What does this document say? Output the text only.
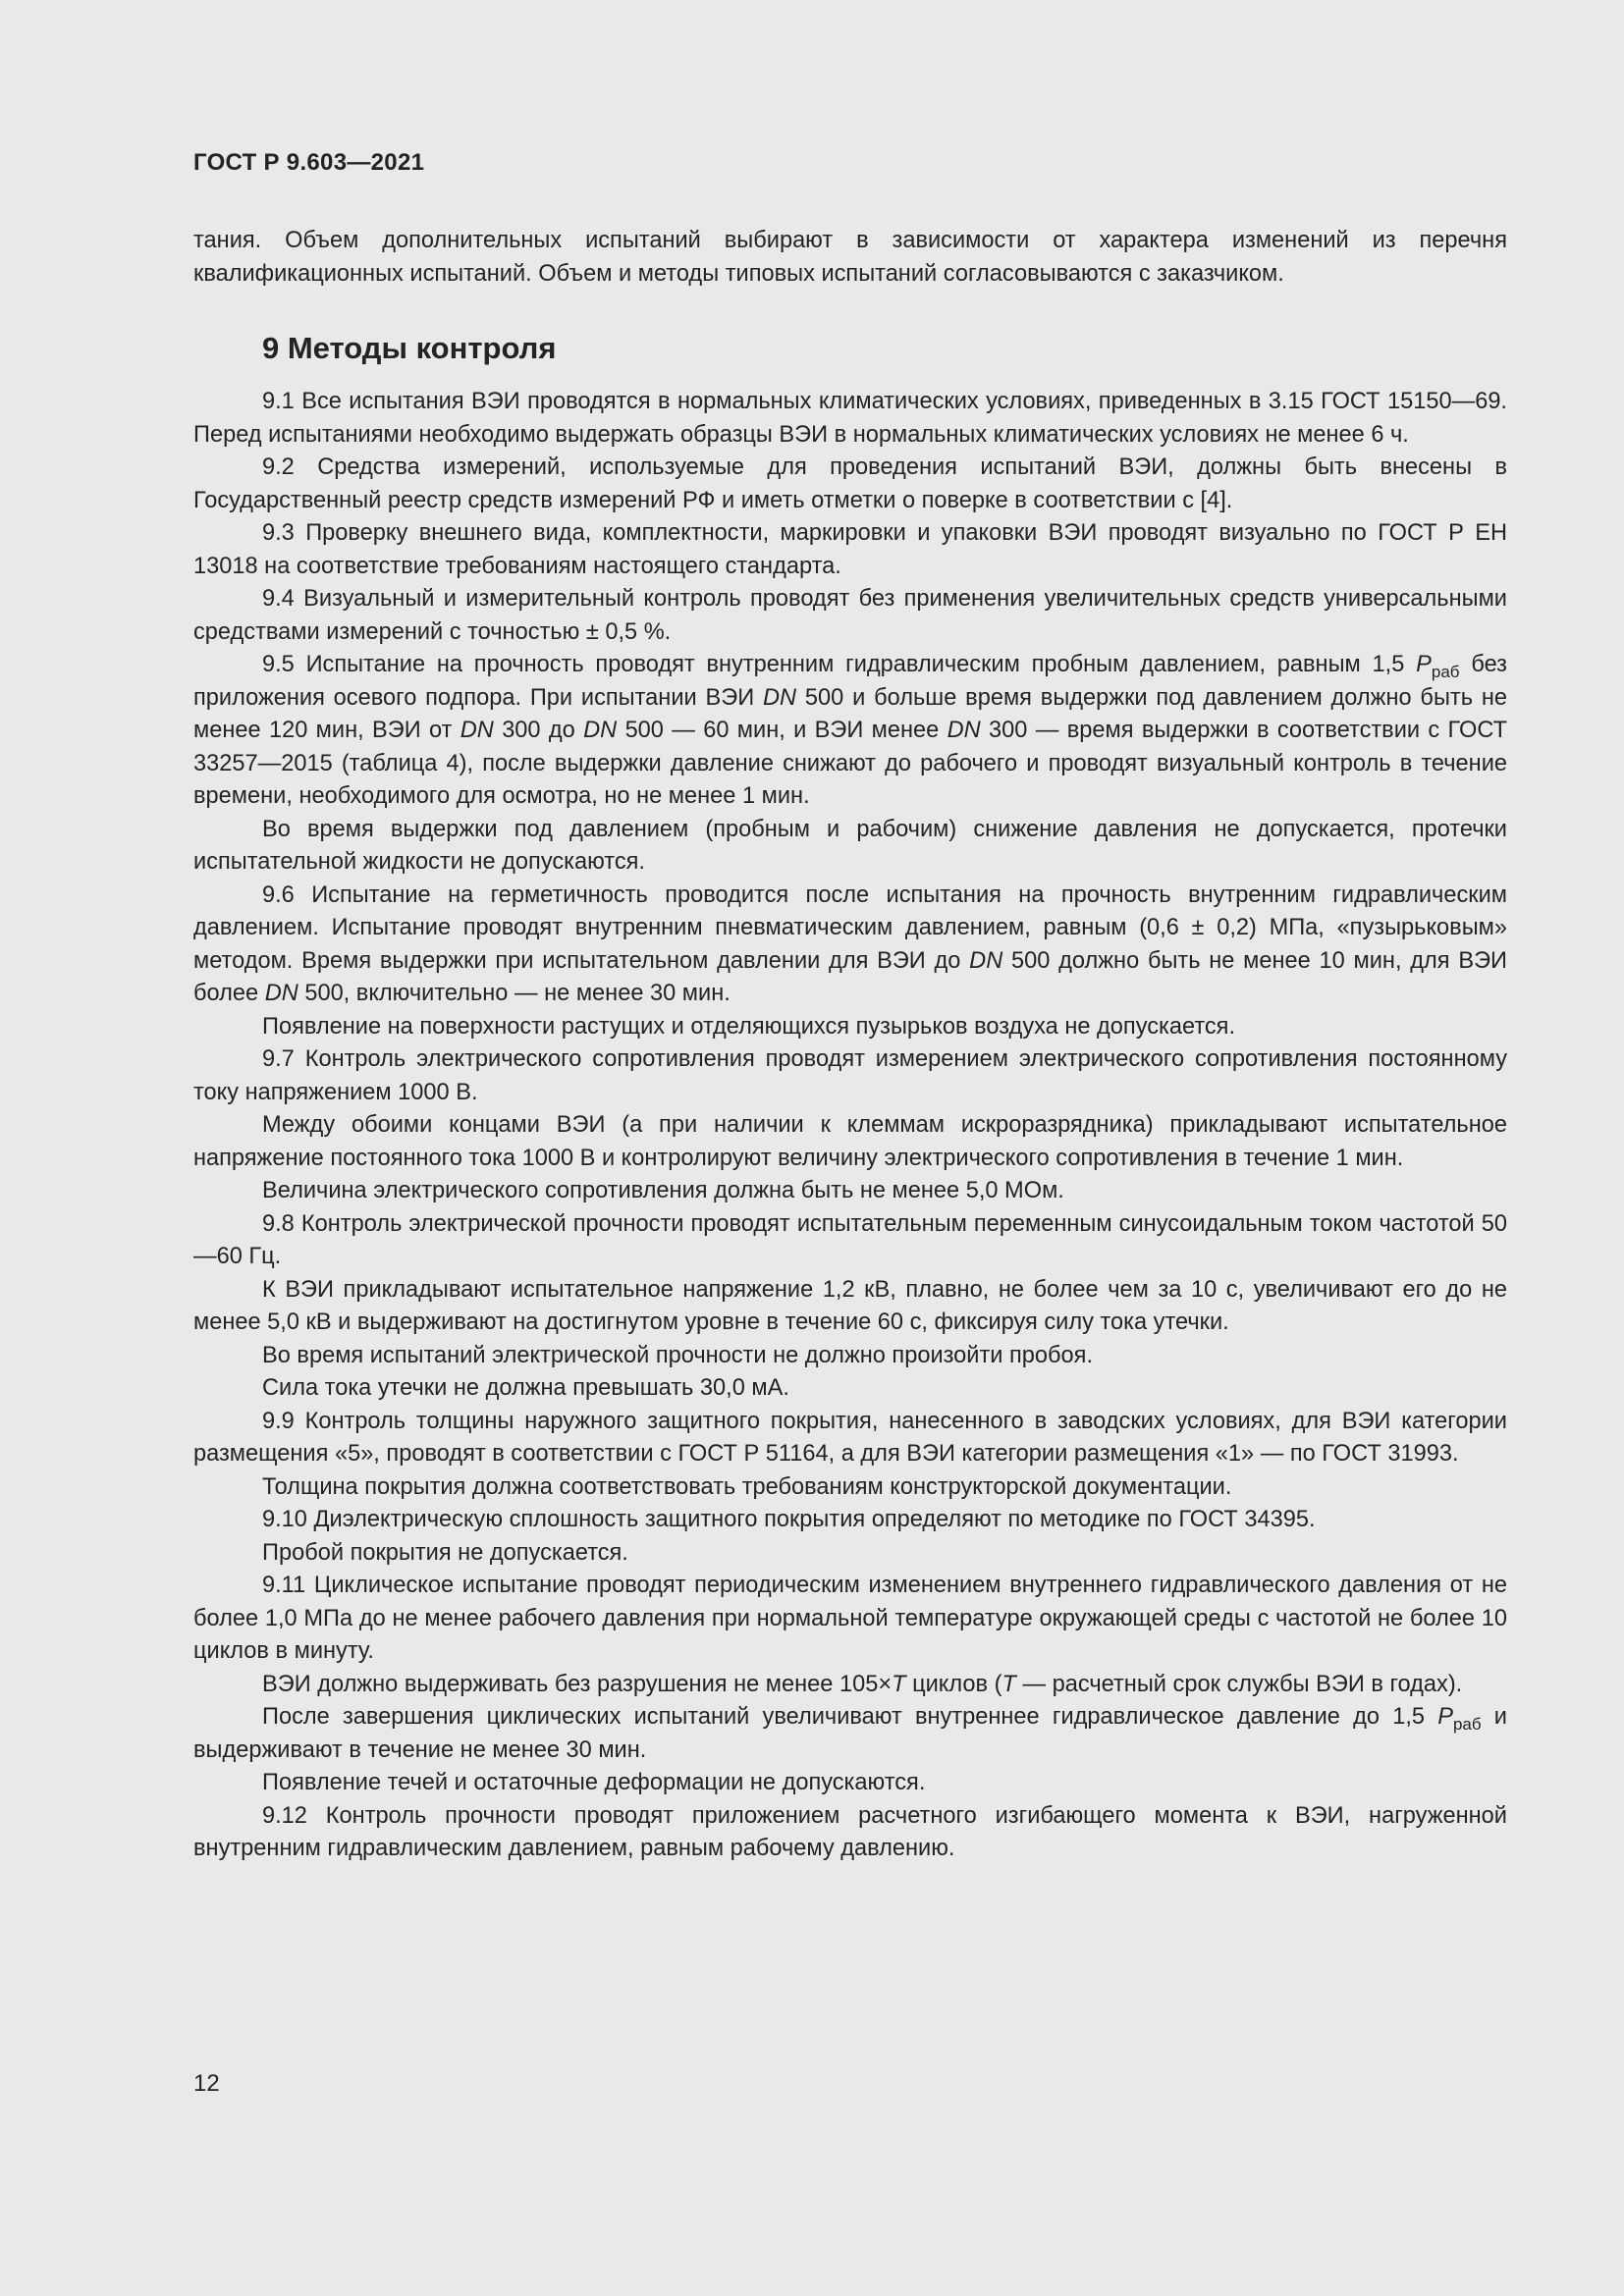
ГОСТ Р 9.603—2021

тания. Объем дополнительных испытаний выбирают в зависимости от характера изменений из перечня квалификационных испытаний. Объем и методы типовых испытаний согласовываются с заказчиком.

9 Методы контроля

9.1 Все испытания ВЭИ проводятся в нормальных климатических условиях, приведенных в 3.15 ГОСТ 15150—69. Перед испытаниями необходимо выдержать образцы ВЭИ в нормальных климатических условиях не менее 6 ч.

9.2 Средства измерений, используемые для проведения испытаний ВЭИ, должны быть внесены в Государственный реестр средств измерений РФ и иметь отметки о поверке в соответствии с [4].

9.3 Проверку внешнего вида, комплектности, маркировки и упаковки ВЭИ проводят визуально по ГОСТ Р ЕН 13018 на соответствие требованиям настоящего стандарта.

9.4 Визуальный и измерительный контроль проводят без применения увеличительных средств универсальными средствами измерений с точностью ± 0,5 %.

9.5 Испытание на прочность проводят внутренним гидравлическим пробным давлением, равным 1,5 $P_{раб}$ без приложения осевого подпора. При испытании ВЭИ DN 500 и больше время выдержки под давлением должно быть не менее 120 мин, ВЭИ от DN 300 до DN 500 — 60 мин, и ВЭИ менее DN 300 — время выдержки в соответствии с ГОСТ 33257—2015 (таблица 4), после выдержки давление снижают до рабочего и проводят визуальный контроль в течение времени, необходимого для осмотра, но не менее 1 мин.

Во время выдержки под давлением (пробным и рабочим) снижение давления не допускается, протечки испытательной жидкости не допускаются.

9.6 Испытание на герметичность проводится после испытания на прочность внутренним гидравлическим давлением. Испытание проводят внутренним пневматическим давлением, равным (0,6 ± 0,2) МПа, «пузырьковым» методом. Время выдержки при испытательном давлении для ВЭИ до DN 500 должно быть не менее 10 мин, для ВЭИ более DN 500, включительно — не менее 30 мин.

Появление на поверхности растущих и отделяющихся пузырьков воздуха не допускается.

9.7 Контроль электрического сопротивления проводят измерением электрического сопротивления постоянному току напряжением 1000 В.

Между обоими концами ВЭИ (а при наличии к клеммам искроразрядника) прикладывают испытательное напряжение постоянного тока 1000 В и контролируют величину электрического сопротивления в течение 1 мин.

Величина электрического сопротивления должна быть не менее 5,0 МОм.

9.8 Контроль электрической прочности проводят испытательным переменным синусоидальным током частотой 50—60 Гц.

К ВЭИ прикладывают испытательное напряжение 1,2 кВ, плавно, не более чем за 10 с, увеличивают его до не менее 5,0 кВ и выдерживают на достигнутом уровне в течение 60 с, фиксируя силу тока утечки.

Во время испытаний электрической прочности не должно произойти пробоя.

Сила тока утечки не должна превышать 30,0 мА.

9.9 Контроль толщины наружного защитного покрытия, нанесенного в заводских условиях, для ВЭИ категории размещения «5», проводят в соответствии с ГОСТ Р 51164, а для ВЭИ категории размещения «1» — по ГОСТ 31993.

Толщина покрытия должна соответствовать требованиям конструкторской документации.

9.10 Диэлектрическую сплошность защитного покрытия определяют по методике по ГОСТ 34395.

Пробой покрытия не допускается.

9.11 Циклическое испытание проводят периодическим изменением внутреннего гидравлического давления от не более 1,0 МПа до не менее рабочего давления при нормальной температуре окружающей среды с частотой не более 10 циклов в минуту.

ВЭИ должно выдерживать без разрушения не менее 105×T циклов (T — расчетный срок службы ВЭИ в годах).

После завершения циклических испытаний увеличивают внутреннее гидравлическое давление до 1,5 $P_{раб}$ и выдерживают в течение не менее 30 мин.

Появление течей и остаточные деформации не допускаются.

9.12 Контроль прочности проводят приложением расчетного изгибающего момента к ВЭИ, нагруженной внутренним гидравлическим давлением, равным рабочему давлению.

12
